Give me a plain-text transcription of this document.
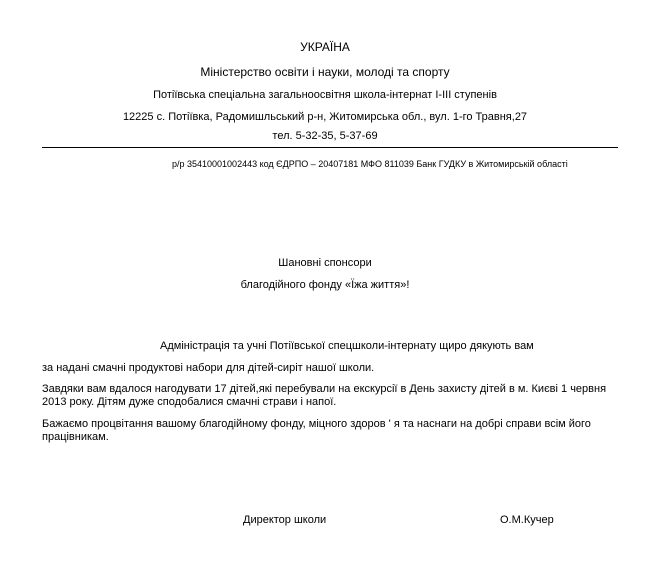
УКРАЇНА
Міністерство освіти і науки, молоді та спорту
Потіївська спеціальна загальноосвітня школа-інтернат І-ІІІ ступенів
12225 с. Потіївка, Радомишльський р-н, Житомирська обл., вул. 1-го Травня,27
тел. 5-32-35, 5-37-69
р/р 35410001002443 код ЄДРПО – 20407181 МФО 811039 Банк ГУДКУ в Житомирській області
Шановні спонсори
благодійного фонду «Їжа життя»!
Адміністрація та учні Потіївської спецшколи-інтернату щиро дякують вам
за надані смачні продуктові набори для дітей-сиріт нашої школи.
Завдяки вам вдалося нагодувати 17 дітей,які перебували на екскурсії в День захисту дітей в м. Києві 1 червня 2013 року. Дітям дуже сподобалися смачні страви і напої.
Бажаємо процвітання вашому благодійному фонду, міцного здоров ' я та наснаги на добрі справи всім його працівникам.
Директор школи	О.М.Кучер
